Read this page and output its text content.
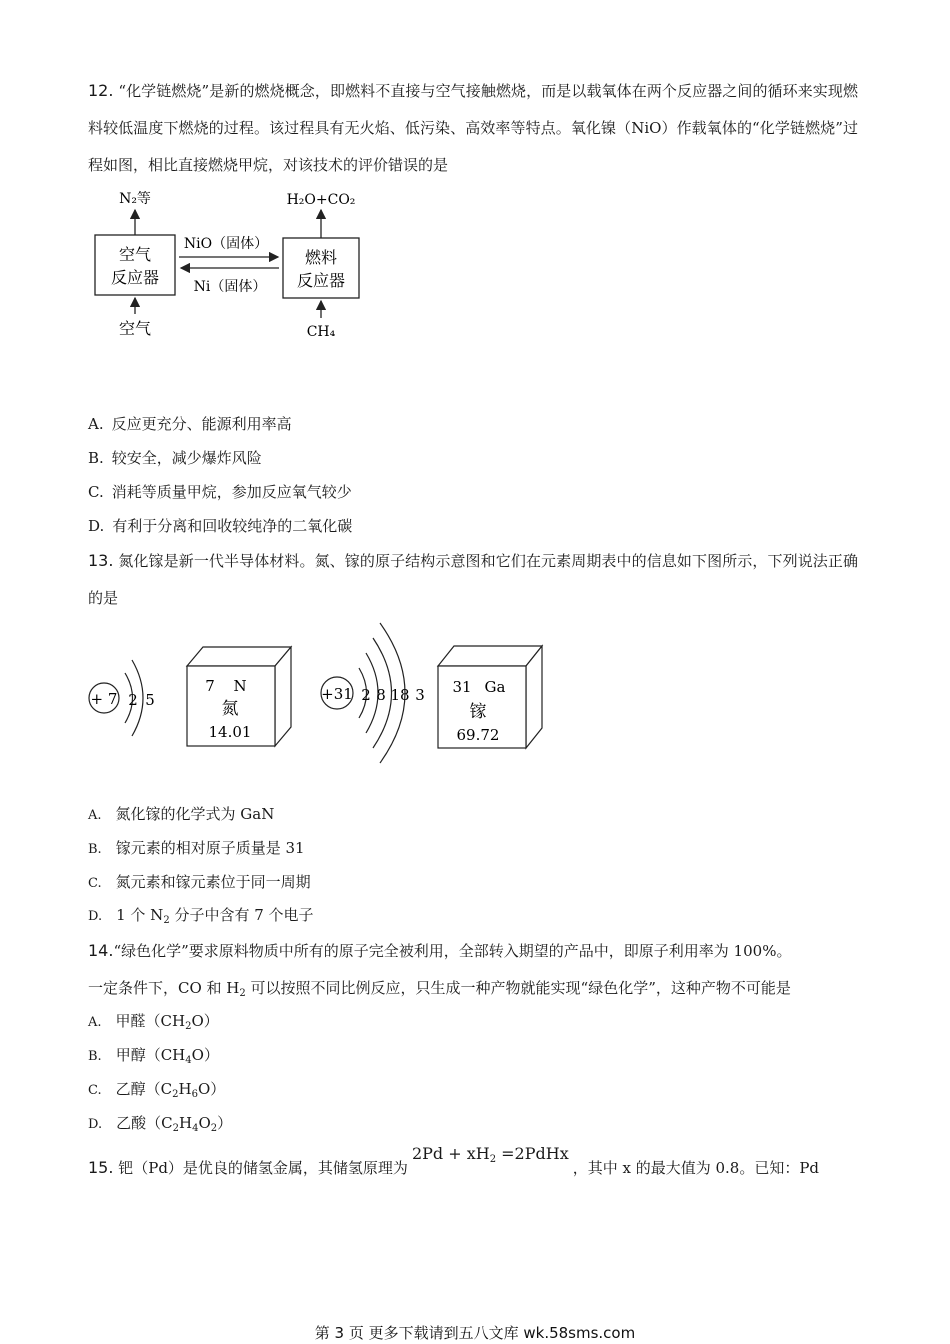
12. “化学链燃烧”是新的燃烧概念，即燃料不直接与空气接触燃烧，而是以载氧体在两个反应器之间的循环来实现燃料较低温度下燃烧的过程。该过程具有无火焰、低污染、高效率等特点。氧化镍（NiO）作载氧体的“化学链燃烧”过程如图，相比直接燃烧甲烷，对该技术的评价错误的是

空气
反应器
燃料
反应器
N₂等	H₂O+CO₂
空气	CH₄
NiO（固体）
Ni（固体）
A. 反应更充分、能源利用率高
B. 较安全，减少爆炸风险
C. 消耗等质量甲烷，参加反应氧气较少
D. 有利于分离和回收较纯净的二氧化碳

13. 氮化镓是新一代半导体材料。氮、镓的原子结构示意图和它们在元素周期表中的信息如下图所示，下列说法正确的是

+ 7 2 5
7 N
氮
14.01
+31 2 8 18 3 31 Ga
镓
69.72
A. 氮化镓的化学式为 GaN
B. 镓元素的相对原子质量是 31
C. 氮元素和镓元素位于同一周期
D. 1 个 $N_2$ 分子中含有 7 个电子

14.“绿色化学”要求原料物质中所有的原子完全被利用，全部转入期望的产品中，即原子利用率为 100%。
一定条件下，CO 和 $H_2$ 可以按照不同比例反应，只生成一种产物就能实现“绿色化学”，这种产物不可能是

A. 甲醛$(CH_2O)$
B. 甲醇$(CH_4O)$
C. 乙醇$(C_2H_6O)$
D. 乙酸$(C_2H_4O_2)$
15. 钯（Pd）是优良的储氢金属，其储氢原理为$2Pd + xH_2$ =2PdHx，其中 x 的最大值为 0.8。已知：Pd
第 3 页 更多下载请到五八文库 wk.58sms.com
